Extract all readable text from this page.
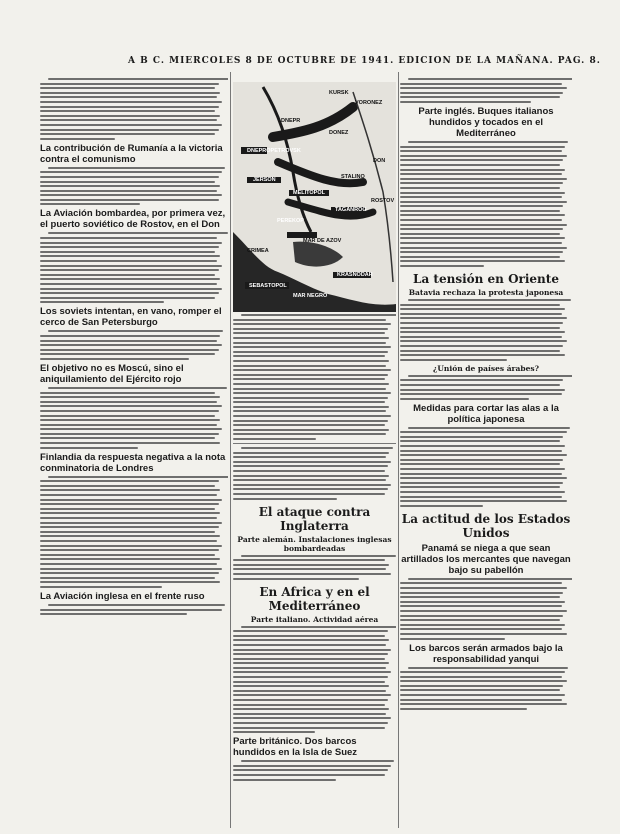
A B C. MIERCOLES 8 DE OCTUBRE DE 1941. EDICION DE LA MAÑANA. PAG. 8.
La contribución de Rumanía a la victoria contra el comunismo
La Aviación bombardea, por primera vez, el puerto soviético de Rostov, en el Don
Los soviets intentan, en vano, romper el cerco de San Petersburgo
El objetivo no es Moscú, sino el aniquilamiento del Ejército rojo
Finlandia da respuesta negativa a la nota conminatoria de Londres
La Aviación inglesa en el frente ruso
KURSK
VORONEZ
DONEZ
DNEPR
DON
DNEPROPETROVSK
JERSON
MELITOPOL
STALINO
TAGANROG
ROSTOV
PEREKOP
CRIMEA
SEBASTOPOL
KRASNODAR
MAR NEGRO
MAR DE AZOV
El ataque contra Inglaterra
Parte alemán. Instalaciones inglesas bombardeadas
En Africa y en el Mediterráneo
Parte italiano. Actividad aérea
Parte británico. Dos barcos hundidos en la Isla de Suez
Parte inglés. Buques italianos hundidos y tocados en el Mediterráneo
La tensión en Oriente
Batavia rechaza la protesta japonesa
¿Unión de países árabes?
Medidas para cortar las alas a la política japonesa
La actitud de los Estados Unidos
Panamá se niega a que sean artillados los mercantes que navegan bajo su pabellón
Los barcos serán armados bajo la responsabilidad yanqui
